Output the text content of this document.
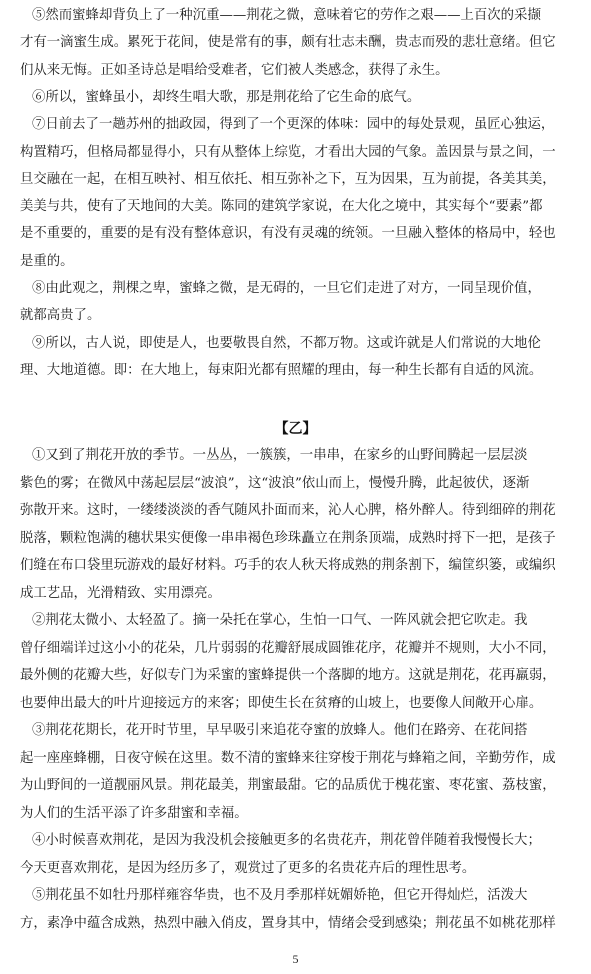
⑤然而蜜蜂却背负上了一种沉重——荆花之微，意味着它的劳作之艰——上百次的采撷
才有一滴蜜生成。累死于花间，使是常有的事，颇有壮志未酬，贵志而殁的悲壮意绪。但它
们从来无悔。正如圣诗总是唱给受难者，它们被人类感念，获得了永生。
⑥所以，蜜蜂虽小，却终生唱大歌，那是荆花给了它生命的底气。
⑦日前去了一趟苏州的拙政园，得到了一个更深的体味：园中的每处景观，虽匠心独运，
构置精巧，但格局都显得小，只有从整体上综览，才看出大园的气象。盖因景与景之间，一
旦交融在一起，在相互映衬、相互依托、相互弥补之下，互为因果，互为前提，各美其美，
美美与共，使有了天地间的大美。陈同的建筑学家说，在大化之境中，其实每个“要素”都
是不重要的，重要的是有没有整体意识，有没有灵魂的统领。一旦融入整体的格局中，轻也
是重的。
⑧由此观之，荆棵之卑，蜜蜂之微，是无碍的，一旦它们走进了对方，一同呈现价值，
就都高贵了。
⑨所以，古人说，即使是人，也要敬畏自然，不都万物。这或许就是人们常说的大地伦
理、大地道德。即：在大地上，每束阳光都有照耀的理由，每一种生长都有自适的风流。
【乙】
①又到了荆花开放的季节。一丛丛，一簇簇，一串串，在家乡的山野间腾起一层层淡
紫色的雾；在微风中荡起层层“波浪”，这“波浪”依山而上，慢慢升腾，此起彼伏，逐渐
弥散开来。这时，一缕缕淡淡的香气随风扑面而来，沁人心脾，格外醉人。待到细碎的荆花
脱落，颗粒饱满的穗状果实便像一串串褐色珍珠矗立在荆条顶端，成熟时捋下一把，是孩子
们缝在布口袋里玩游戏的最好材料。巧手的农人秋天将成熟的荆条割下，编筐织篓，或编织
成工艺品，光滑精致、实用漂亮。
②荆花太微小、太轻盈了。摘一朵托在掌心，生怕一口气、一阵风就会把它吹走。我
曾仔细端详过这小小的花朵，几片弱弱的花瓣舒展成圆锥花序，花瓣并不规则，大小不同，
最外侧的花瓣大些，好似专门为采蜜的蜜蜂提供一个落脚的地方。这就是荆花，花再羸弱，
也要伸出最大的叶片迎接远方的来客；即使生长在贫瘠的山坡上，也要像人间敞开心扉。
③荆花花期长，花开时节里，早早吸引来追花夺蜜的放蜂人。他们在路旁、在花间搭
起一座座蜂棚，日夜守候在这里。数不清的蜜蜂来往穿梭于荆花与蜂箱之间，辛勤劳作，成
为山野间的一道靓丽风景。荆花最美，荆蜜最甜。它的品质优于槐花蜜、枣花蜜、荔枝蜜，
为人们的生活平添了许多甜蜜和幸福。
④小时候喜欢荆花，是因为我没机会接触更多的名贵花卉，荆花曾伴随着我慢慢长大；
今天更喜欢荆花，是因为经历多了，观赏过了更多的名贵花卉后的理性思考。
⑤荆花虽不如牡丹那样雍容华贵，也不及月季那样妩媚娇艳，但它开得灿烂，活泼大
方，素净中蕴含成熟，热烈中融入俏皮，置身其中，情绪会受到感染；荆花虽不如桃花那样
5
